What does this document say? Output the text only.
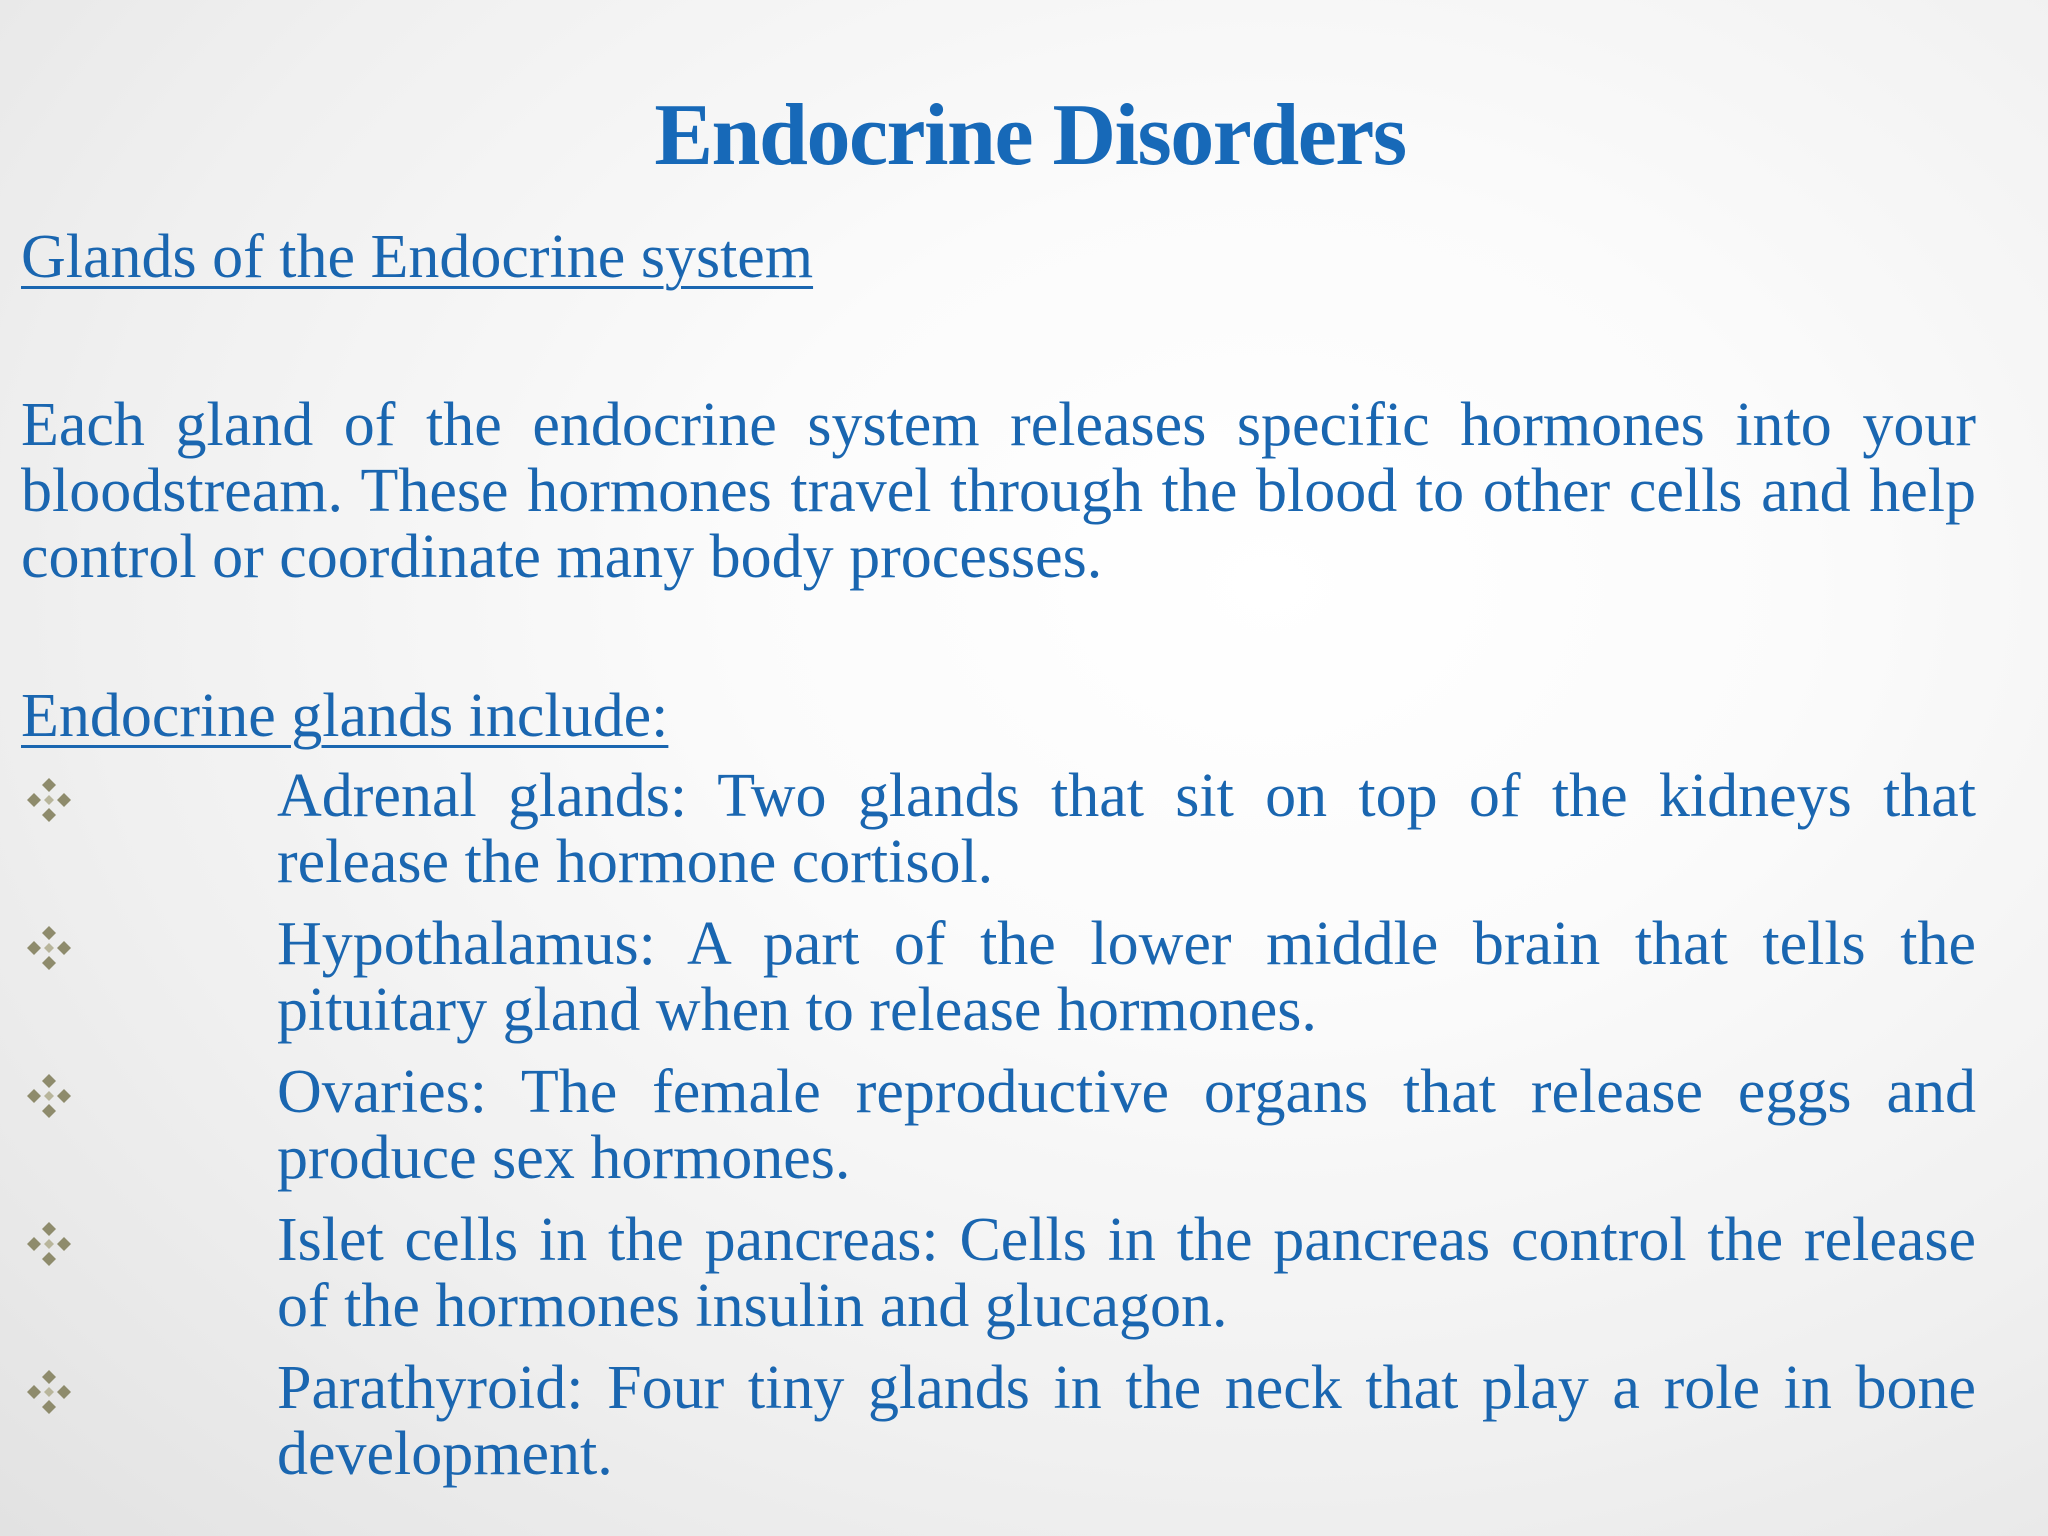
Endocrine Disorders
Glands of the Endocrine system

Each gland of the endocrine system releases specific hormones into your bloodstream. These hormones travel through the blood to other cells and help control or coordinate many body processes.

Endocrine glands include:
Adrenal glands: Two glands that sit on top of the kidneys that release the hormone cortisol.
Hypothalamus: A part of the lower middle brain that tells the pituitary gland when to release hormones.
Ovaries: The female reproductive organs that release eggs and produce sex hormones.
Islet cells in the pancreas: Cells in the pancreas control the release of the hormones insulin and glucagon.
Parathyroid: Four tiny glands in the neck that play a role in bone development.
